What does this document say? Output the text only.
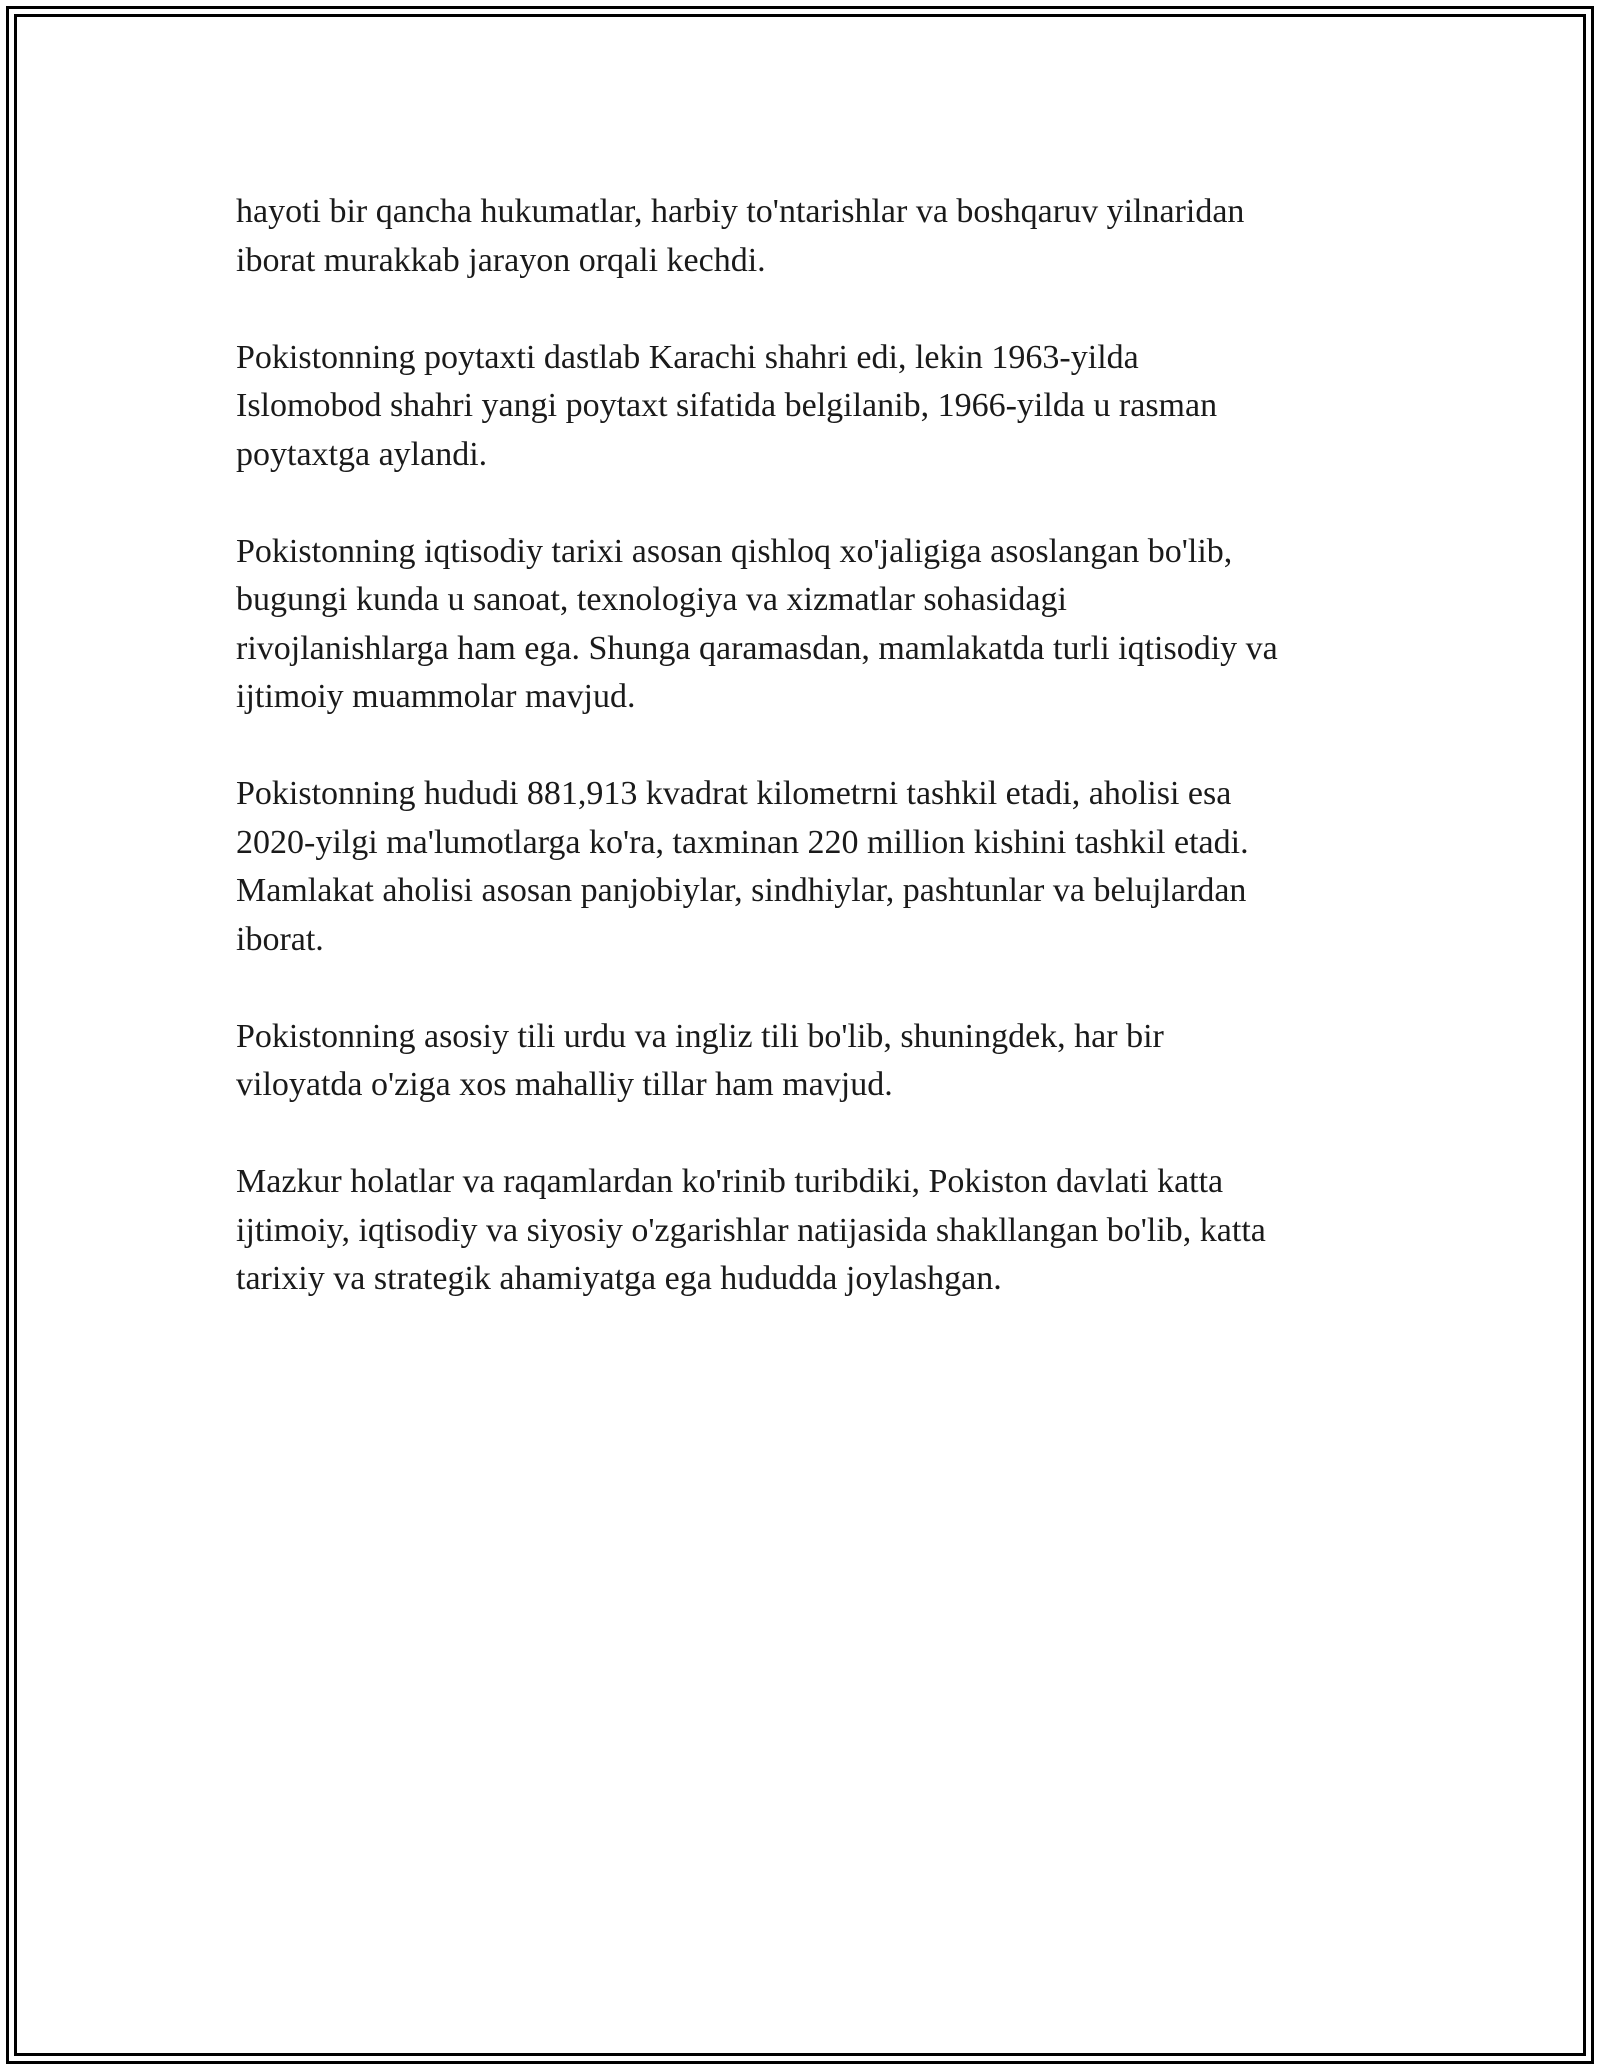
hayoti bir qancha hukumatlar, harbiy to'ntarishlar va boshqaruv yilnaridan
iborat murakkab jarayon orqali kechdi.

Pokistonning poytaxti dastlab Karachi shahri edi, lekin 1963-yilda
Islomobod shahri yangi poytaxt sifatida belgilanib, 1966-yilda u rasman
poytaxtga aylandi.

Pokistonning iqtisodiy tarixi asosan qishloq xo'jaligiga asoslangan bo'lib,
bugungi kunda u sanoat, texnologiya va xizmatlar sohasidagi
rivojlanishlarga ham ega. Shunga qaramasdan, mamlakatda turli iqtisodiy va
ijtimoiy muammolar mavjud.

Pokistonning hududi 881,913 kvadrat kilometrni tashkil etadi, aholisi esa
2020-yilgi ma'lumotlarga ko'ra, taxminan 220 million kishini tashkil etadi.
Mamlakat aholisi asosan panjobiylar, sindhiylar, pashtunlar va belujlardan
iborat.

Pokistonning asosiy tili urdu va ingliz tili bo'lib, shuningdek, har bir
viloyatda o'ziga xos mahalliy tillar ham mavjud.

Mazkur holatlar va raqamlardan ko'rinib turibdiki, Pokiston davlati katta
ijtimoiy, iqtisodiy va siyosiy o'zgarishlar natijasida shakllangan bo'lib, katta
tarixiy va strategik ahamiyatga ega hududda joylashgan.
